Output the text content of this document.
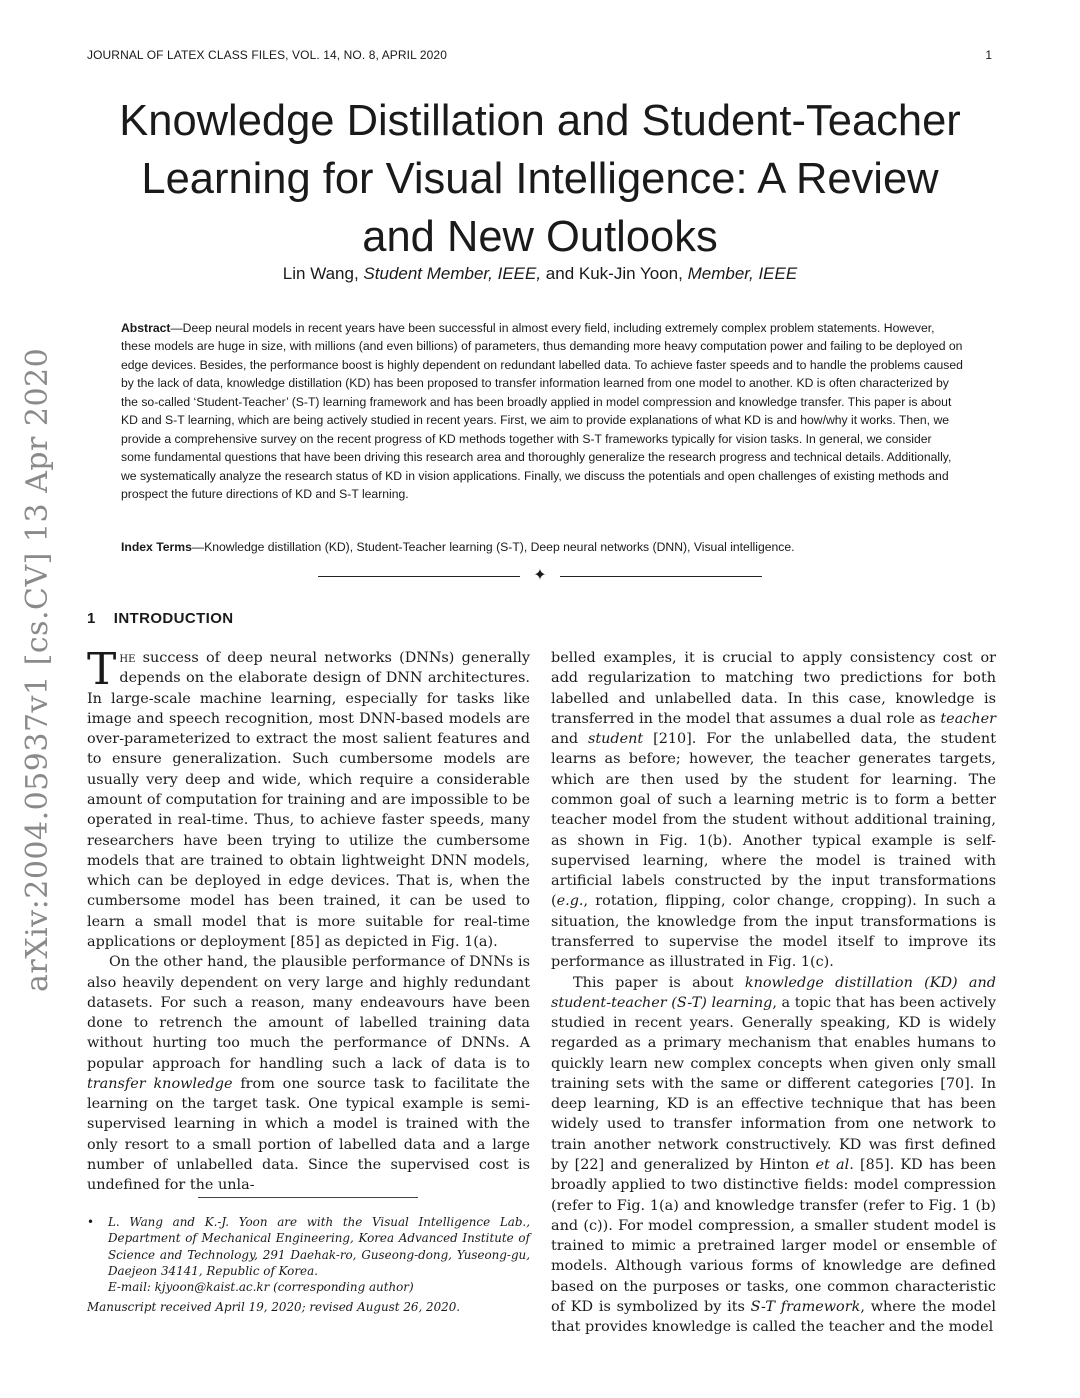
JOURNAL OF LATEX CLASS FILES, VOL. 14, NO. 8, APRIL 2020	1
arXiv:2004.05937v1 [cs.CV] 13 Apr 2020
Knowledge Distillation and Student-Teacher Learning for Visual Intelligence: A Review and New Outlooks
Lin Wang, Student Member, IEEE, and Kuk-Jin Yoon, Member, IEEE

Abstract—Deep neural models in recent years have been successful in almost every field, including extremely complex problem statements. However, these models are huge in size, with millions (and even billions) of parameters, thus demanding more heavy computation power and failing to be deployed on edge devices. Besides, the performance boost is highly dependent on redundant labelled data. To achieve faster speeds and to handle the problems caused by the lack of data, knowledge distillation (KD) has been proposed to transfer information learned from one model to another. KD is often characterized by the so-called ‘Student-Teacher’ (S-T) learning framework and has been broadly applied in model compression and knowledge transfer. This paper is about KD and S-T learning, which are being actively studied in recent years. First, we aim to provide explanations of what KD is and how/why it works. Then, we provide a comprehensive survey on the recent progress of KD methods together with S-T frameworks typically for vision tasks. In general, we consider some fundamental questions that have been driving this research area and thoroughly generalize the research progress and technical details. Additionally, we systematically analyze the research status of KD in vision applications. Finally, we discuss the potentials and open challenges of existing methods and prospect the future directions of KD and S-T learning.

Index Terms—Knowledge distillation (KD), Student-Teacher learning (S-T), Deep neural networks (DNN), Visual intelligence.
✦
1 INTRODUCTION

The success of deep neural networks (DNNs) generally depends on the elaborate design of DNN architectures. In large-scale machine learning, especially for tasks like image and speech recognition, most DNN-based models are over-parameterized to extract the most salient features and to ensure generalization. Such cumbersome models are usually very deep and wide, which require a considerable amount of computation for training and are impossible to be operated in real-time. Thus, to achieve faster speeds, many researchers have been trying to utilize the cumbersome models that are trained to obtain lightweight DNN models, which can be deployed in edge devices. That is, when the cumbersome model has been trained, it can be used to learn a small model that is more suitable for real-time applications or deployment [85] as depicted in Fig. 1(a).

On the other hand, the plausible performance of DNNs is also heavily dependent on very large and highly redundant datasets. For such a reason, many endeavours have been done to retrench the amount of labelled training data without hurting too much the performance of DNNs. A popular approach for handling such a lack of data is to transfer knowledge from one source task to facilitate the learning on the target task. One typical example is semi-supervised learning in which a model is trained with the only resort to a small portion of labelled data and a large number of unlabelled data. Since the supervised cost is undefined for the unla-

• L. Wang and K.-J. Yoon are with the Visual Intelligence Lab., Department of Mechanical Engineering, Korea Advanced Institute of Science and Technology, 291 Daehak-ro, Guseong-dong, Yuseong-gu, Daejeon 34141, Republic of Korea.
E-mail: kjyoon@kaist.ac.kr (corresponding author)
Manuscript received April 19, 2020; revised August 26, 2020.

belled examples, it is crucial to apply consistency cost or add regularization to matching two predictions for both labelled and unlabelled data. In this case, knowledge is transferred in the model that assumes a dual role as teacher and student [210]. For the unlabelled data, the student learns as before; however, the teacher generates targets, which are then used by the student for learning. The common goal of such a learning metric is to form a better teacher model from the student without additional training, as shown in Fig. 1(b). Another typical example is self-supervised learning, where the model is trained with artificial labels constructed by the input transformations (e.g., rotation, flipping, color change, cropping). In such a situation, the knowledge from the input transformations is transferred to supervise the model itself to improve its performance as illustrated in Fig. 1(c).

This paper is about knowledge distillation (KD) and student-teacher (S-T) learning, a topic that has been actively studied in recent years. Generally speaking, KD is widely regarded as a primary mechanism that enables humans to quickly learn new complex concepts when given only small training sets with the same or different categories [70]. In deep learning, KD is an effective technique that has been widely used to transfer information from one network to train another network constructively. KD was first defined by [22] and generalized by Hinton et al. [85]. KD has been broadly applied to two distinctive fields: model compression (refer to Fig. 1(a) and knowledge transfer (refer to Fig. 1 (b) and (c)). For model compression, a smaller student model is trained to mimic a pretrained larger model or ensemble of models. Although various forms of knowledge are defined based on the purposes or tasks, one common characteristic of KD is symbolized by its S-T framework, where the model that provides knowledge is called the teacher and the model
